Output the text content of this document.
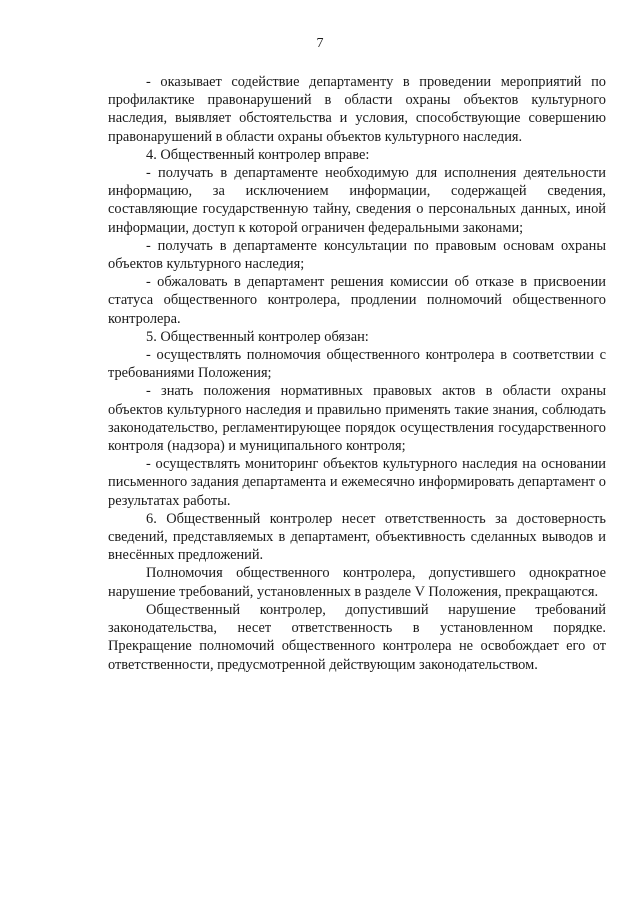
7

- оказывает содействие департаменту в проведении мероприятий по профилактике правонарушений в области охраны объектов культурного наследия, выявляет обстоятельства и условия, способствующие совершению правонарушений в области охраны объектов культурного наследия.

4. Общественный контролер вправе:

- получать в департаменте необходимую для исполнения деятельности информацию, за исключением информации, содержащей сведения, составляющие государственную тайну, сведения о персональных данных, иной информации, доступ к которой ограничен федеральными законами;

- получать в департаменте консультации по правовым основам охраны объектов культурного наследия;

- обжаловать в департамент решения комиссии об отказе в присвоении статуса общественного контролера, продлении полномочий общественного контролера.

5. Общественный контролер обязан:

- осуществлять полномочия общественного контролера в соответствии с требованиями Положения;

- знать положения нормативных правовых актов в области охраны объектов культурного наследия и правильно применять такие знания, соблюдать законодательство, регламентирующее порядок осуществления государственного контроля (надзора) и муниципального контроля;

- осуществлять мониторинг объектов культурного наследия на основании письменного задания департамента и ежемесячно информировать департамент о результатах работы.

6. Общественный контролер несет ответственность за достоверность сведений, представляемых в департамент, объективность сделанных выводов и внесённых предложений.

Полномочия общественного контролера, допустившего однократное нарушение требований, установленных в разделе V Положения, прекращаются.

Общественный контролер, допустивший нарушение требований законодательства, несет ответственность в установленном порядке. Прекращение полномочий общественного контролера не освобождает его от ответственности, предусмотренной действующим законодательством.
